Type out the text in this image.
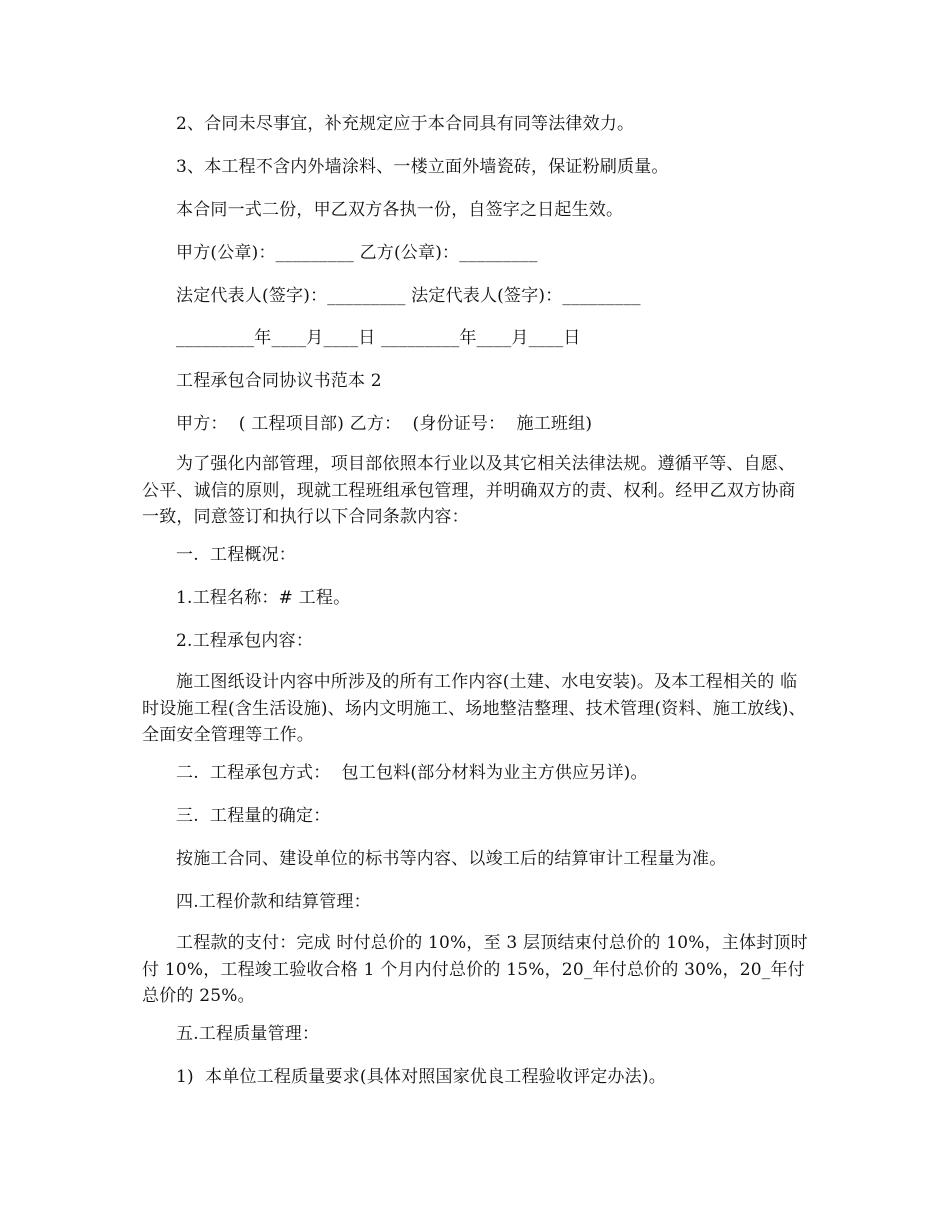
2、合同未尽事宜，补充规定应于本合同具有同等法律效力。
3、本工程不含内外墙涂料、一楼立面外墙瓷砖，保证粉刷质量。
本合同一式二份，甲乙双方各执一份，自签字之日起生效。
甲方(公章)：_________ 乙方(公章)：_________
法定代表人(签字)：_________ 法定代表人(签字)：_________
_________年____月____日 _________年____月____日
工程承包合同协议书范本 2
甲方：  ( 工程项目部) 乙方：  (身份证号：  施工班组)
为了强化内部管理，项目部依照本行业以及其它相关法律法规。遵循平等、自愿、公平、诚信的原则，现就工程班组承包管理，并明确双方的责、权利。经甲乙双方协商一致，同意签订和执行以下合同条款内容：
一.  工程概况：
1.工程名称：# 工程。
2.工程承包内容：
施工图纸设计内容中所涉及的所有工作内容(土建、水电安装)。及本工程相关的 临时设施工程(含生活设施)、场内文明施工、场地整洁整理、技术管理(资料、施工放线)、全面安全管理等工作。
二.  工程承包方式：  包工包料(部分材料为业主方供应另详)。
三.  工程量的确定：
按施工合同、建设单位的标书等内容、以竣工后的结算审计工程量为准。
四.工程价款和结算管理：
工程款的支付：完成 时付总价的 10%，至 3 层顶结束付总价的 10%，主体封顶时付 10%，工程竣工验收合格 1 个月内付总价的 15%，20_年付总价的 30%，20_年付总价的 25%。
五.工程质量管理：
1)  本单位工程质量要求(具体对照国家优良工程验收评定办法)。
